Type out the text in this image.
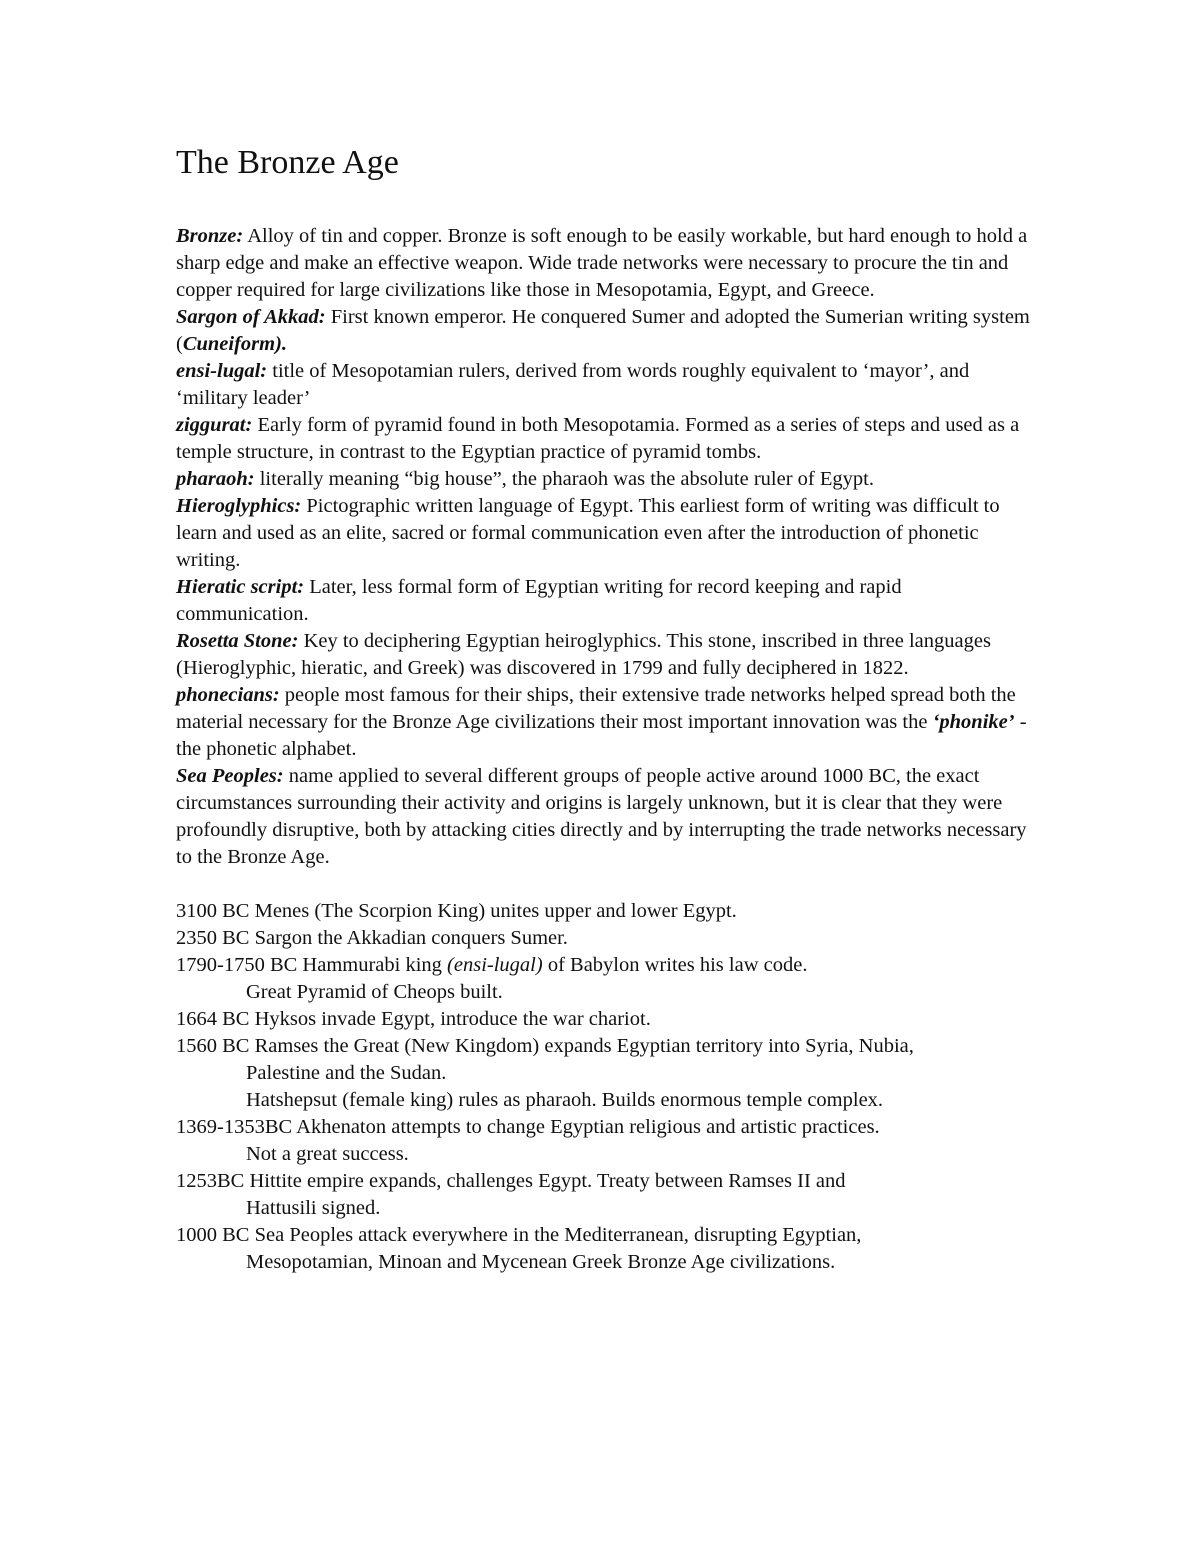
The Bronze Age

Bronze: Alloy of tin and copper. Bronze is soft enough to be easily workable, but hard enough to hold a sharp edge and make an effective weapon. Wide trade networks were necessary to procure the tin and copper required for large civilizations like those in Mesopotamia, Egypt, and Greece.

Sargon of Akkad: First known emperor. He conquered Sumer and adopted the Sumerian writing system (Cuneiform).

ensi-lugal: title of Mesopotamian rulers, derived from words roughly equivalent to ‘mayor’, and ‘military leader’

ziggurat: Early form of pyramid found in both Mesopotamia. Formed as a series of steps and used as a temple structure, in contrast to the Egyptian practice of pyramid tombs.

pharaoh: literally meaning “big house”, the pharaoh was the absolute ruler of Egypt.

Hieroglyphics: Pictographic written language of Egypt. This earliest form of writing was difficult to learn and used as an elite, sacred or formal communication even after the introduction of phonetic writing.

Hieratic script: Later, less formal form of Egyptian writing for record keeping and rapid communication.

Rosetta Stone: Key to deciphering Egyptian heiroglyphics. This stone, inscribed in three languages (Hieroglyphic, hieratic, and Greek) was discovered in 1799 and fully deciphered in 1822.

phonecians: people most famous for their ships, their extensive trade networks helped spread both the material necessary for the Bronze Age civilizations their most important innovation was the ‘phonike’ -the phonetic alphabet.

Sea Peoples: name applied to several different groups of people active around 1000 BC, the exact circumstances surrounding their activity and origins is largely unknown, but it is clear that they were profoundly disruptive, both by attacking cities directly and by interrupting the trade networks necessary to the Bronze Age.

3100 BC Menes (The Scorpion King) unites upper and lower Egypt.

2350 BC Sargon the Akkadian conquers Sumer.

1790-1750 BC Hammurabi king (ensi-lugal) of Babylon writes his law code.

Great Pyramid of Cheops built.

1664 BC Hyksos invade Egypt, introduce the war chariot.

1560 BC Ramses the Great (New Kingdom) expands Egyptian territory into Syria, Nubia,

Palestine and the Sudan.

Hatshepsut (female king) rules as pharaoh. Builds enormous temple complex.

1369-1353BC Akhenaton attempts to change Egyptian religious and artistic practices.

Not a great success.

1253BC Hittite empire expands, challenges Egypt. Treaty between Ramses II and

Hattusili signed.

1000 BC Sea Peoples attack everywhere in the Mediterranean, disrupting Egyptian,

Mesopotamian, Minoan and Mycenean Greek Bronze Age civilizations.
